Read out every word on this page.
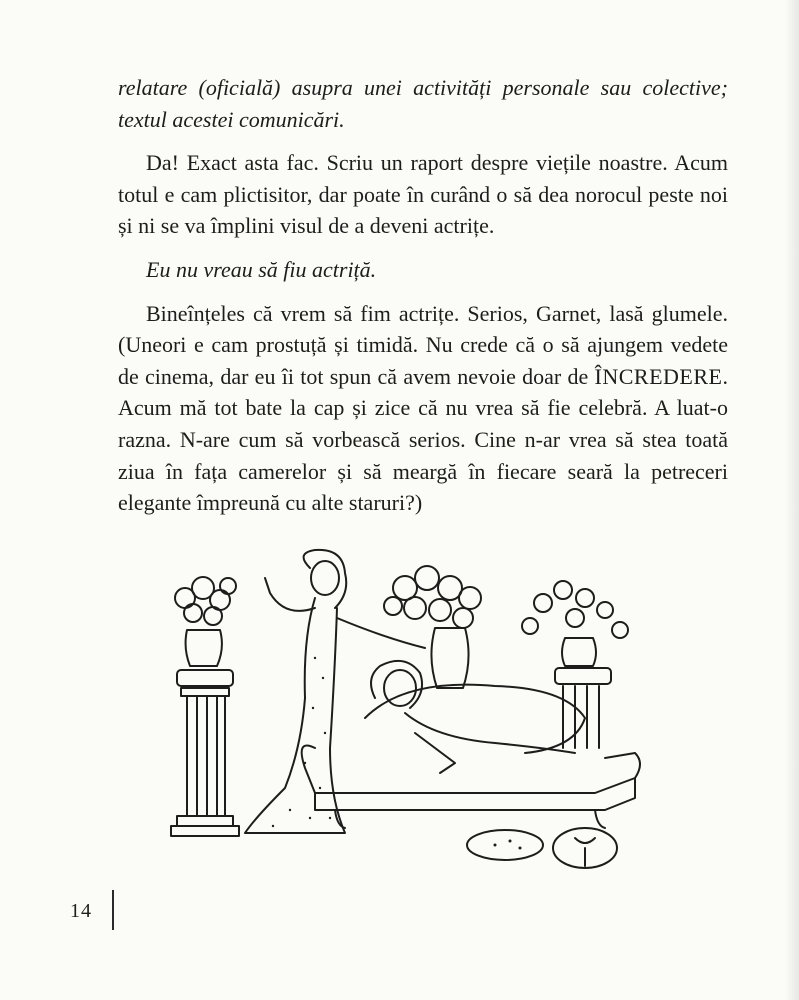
relatare (oficială) asupra unei activități personale sau colective; textul acestei comunicări.

Da! Exact asta fac. Scriu un raport despre viețile noastre. Acum totul e cam plictisitor, dar poate în curând o să dea norocul peste noi și ni se va împlini visul de a deveni actrițe.

Eu nu vreau să fiu actriță.

Bineînțeles că vrem să fim actrițe. Serios, Garnet, lasă glumele. (Uneori e cam prostuță și timidă. Nu crede că o să ajungem vedete de cinema, dar eu îi tot spun că avem nevoie doar de ÎNCREDERE. Acum mă tot bate la cap și zice că nu vrea să fie celebră. A luat-o razna. N-are cum să vorbească serios. Cine n-ar vrea să stea toată ziua în fața camerelor și să meargă în fiecare seară la petreceri elegante împreună cu alte staruri?)

14
